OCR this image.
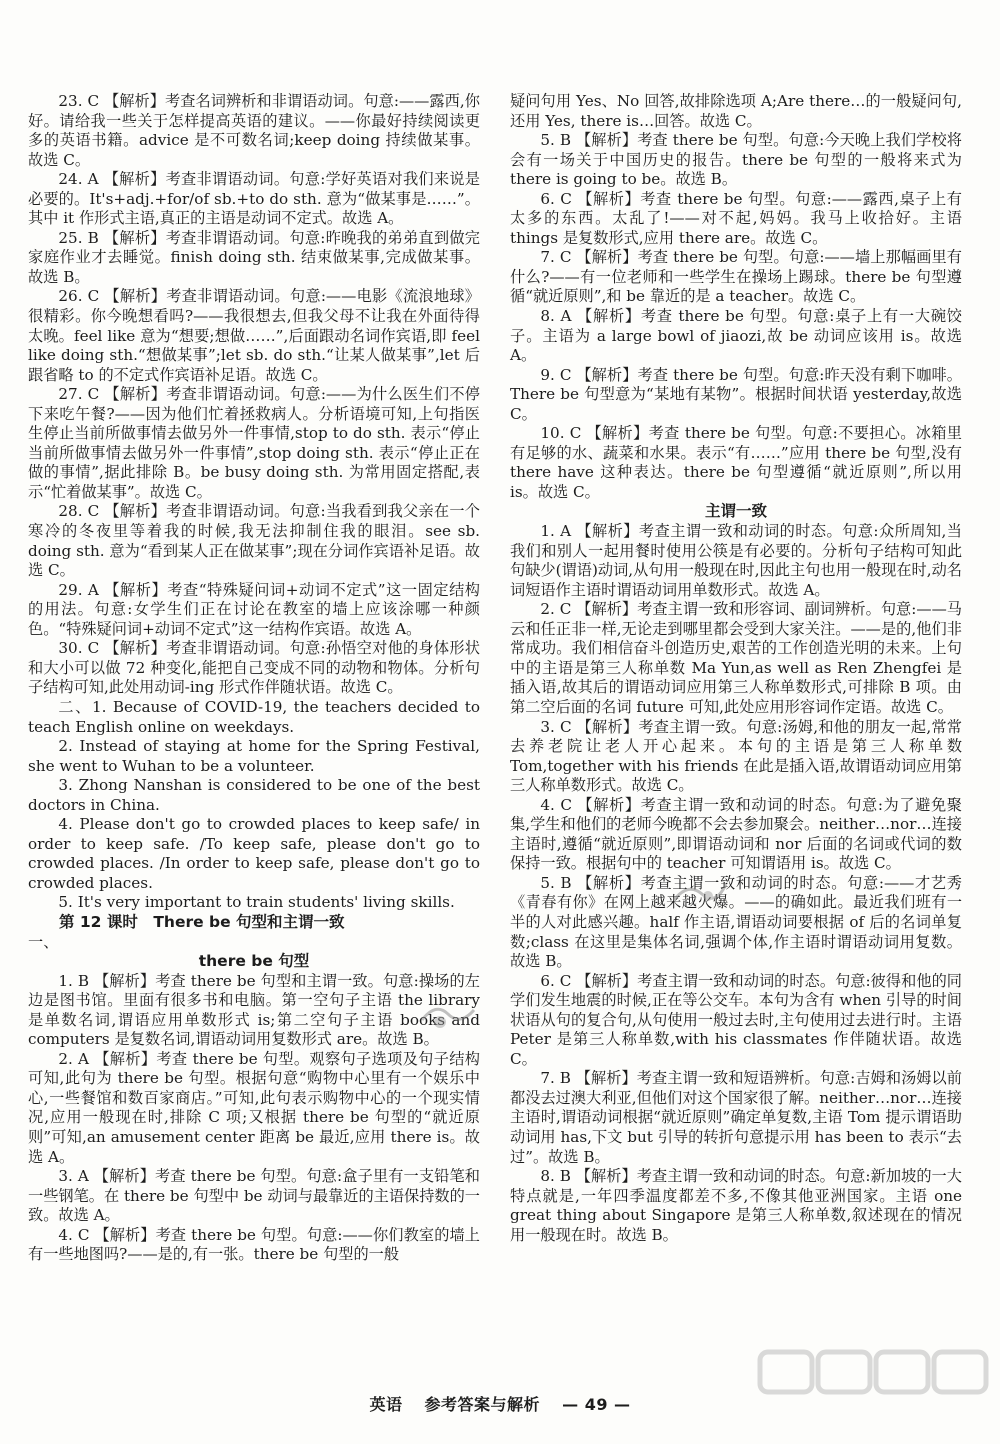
23. C 【解析】考查名词辨析和非谓语动词。句意:——露西,你好。请给我一些关于怎样提高英语的建议。——你最好持续阅读更多的英语书籍。advice 是不可数名词;keep doing 持续做某事。故选 C。

24. A 【解析】考查非谓语动词。句意:学好英语对我们来说是必要的。It's+adj.+for/of sb.+to do sth. 意为“做某事是……”。其中 it 作形式主语,真正的主语是动词不定式。故选 A。

25. B 【解析】考查非谓语动词。句意:昨晚我的弟弟直到做完家庭作业才去睡觉。finish doing sth. 结束做某事,完成做某事。故选 B。

26. C 【解析】考查非谓语动词。句意:——电影《流浪地球》很精彩。你今晚想看吗?——我很想去,但我父母不让我在外面待得太晚。feel like 意为“想要;想做……”,后面跟动名词作宾语,即 feel like doing sth.“想做某事”;let sb. do sth.“让某人做某事”,let 后跟省略 to 的不定式作宾语补足语。故选 C。

27. C 【解析】考查非谓语动词。句意:——为什么医生们不停下来吃午餐?——因为他们忙着拯救病人。分析语境可知,上句指医生停止当前所做事情去做另外一件事情,stop to do sth. 表示“停止当前所做事情去做另外一件事情”,stop doing sth. 表示“停止正在做的事情”,据此排除 B。be busy doing sth. 为常用固定搭配,表示“忙着做某事”。故选 C。

28. C 【解析】考查非谓语动词。句意:当我看到我父亲在一个寒冷的冬夜里等着我的时候,我无法抑制住我的眼泪。see sb. doing sth. 意为“看到某人正在做某事”;现在分词作宾语补足语。故选 C。

29. A 【解析】考查“特殊疑问词+动词不定式”这一固定结构的用法。句意:女学生们正在讨论在教室的墙上应该涂哪一种颜色。“特殊疑问词+动词不定式”这一结构作宾语。故选 A。

30. C 【解析】考查非谓语动词。句意:孙悟空对他的身体形状和大小可以做 72 种变化,能把自己变成不同的动物和物体。分析句子结构可知,此处用动词-ing 形式作伴随状语。故选 C。

二、1. Because of COVID-19, the teachers decided to teach English online on weekdays.

2. Instead of staying at home for the Spring Festival, she went to Wuhan to be a volunteer.

3. Zhong Nanshan is considered to be one of the best doctors in China.

4. Please don't go to crowded places to keep safe/ in order to keep safe. /To keep safe, please don't go to crowded places. /In order to keep safe, please don't go to crowded places.

5. It's very important to train students' living skills.

第 12 课时　There be 句型和主谓一致

一、

there be 句型

1. B 【解析】考查 there be 句型和主谓一致。句意:操场的左边是图书馆。里面有很多书和电脑。第一空句子主语 the library 是单数名词,谓语应用单数形式 is;第二空句子主语 books and computers 是复数名词,谓语动词用复数形式 are。故选 B。

2. A 【解析】考查 there be 句型。观察句子选项及句子结构可知,此句为 there be 句型。根据句意“购物中心里有一个娱乐中心,一些餐馆和数百家商店。”可知,此句表示购物中心的一个现实情况,应用一般现在时,排除 C 项;又根据 there be 句型的“就近原则”可知,an amusement center 距离 be 最近,应用 there is。故选 A。

3. A 【解析】考查 there be 句型。句意:盒子里有一支铅笔和一些钢笔。在 there be 句型中 be 动词与最靠近的主语保持数的一致。故选 A。

4. C 【解析】考查 there be 句型。句意:——你们教室的墙上有一些地图吗?——是的,有一张。there be 句型的一般

疑问句用 Yes、No 回答,故排除选项 A;Are there…的一般疑问句,还用 Yes, there is…回答。故选 C。

5. B 【解析】考查 there be 句型。句意:今天晚上我们学校将会有一场关于中国历史的报告。there be 句型的一般将来式为 there is going to be。故选 B。

6. C 【解析】考查 there be 句型。句意:——露西,桌子上有太多的东西。太乱了!——对不起,妈妈。我马上收拾好。主语 things 是复数形式,应用 there are。故选 C。

7. C 【解析】考查 there be 句型。句意:——墙上那幅画里有什么?——有一位老师和一些学生在操场上踢球。there be 句型遵循“就近原则”,和 be 靠近的是 a teacher。故选 C。

8. A 【解析】考查 there be 句型。句意:桌子上有一大碗饺子。主语为 a large bowl of jiaozi,故 be 动词应该用 is。故选 A。

9. C 【解析】考查 there be 句型。句意:昨天没有剩下咖啡。There be 句型意为“某地有某物”。根据时间状语 yesterday,故选 C。

10. C 【解析】考查 there be 句型。句意:不要担心。冰箱里有足够的水、蔬菜和水果。表示“有……”应用 there be 句型,没有 there have 这种表达。there be 句型遵循“就近原则”,所以用 is。故选 C。

主谓一致

1. A 【解析】考查主谓一致和动词的时态。句意:众所周知,当我们和别人一起用餐时使用公筷是有必要的。分析句子结构可知此句缺少(谓语)动词,从句用一般现在时,因此主句也用一般现在时,动名词短语作主语时谓语动词用单数形式。故选 A。

2. C 【解析】考查主谓一致和形容词、副词辨析。句意:——马云和任正非一样,无论走到哪里都会受到大家关注。——是的,他们非常成功。我们相信奋斗创造历史,艰苦的工作创造光明的未来。上句中的主语是第三人称单数 Ma Yun,as well as Ren Zhengfei 是插入语,故其后的谓语动词应用第三人称单数形式,可排除 B 项。由第二空后面的名词 future 可知,此处应用形容词作定语。故选 C。

3. C 【解析】考查主谓一致。句意:汤姆,和他的朋友一起,常常去养老院让老人开心起来。本句的主语是第三人称单数 Tom,together with his friends 在此是插入语,故谓语动词应用第三人称单数形式。故选 C。

4. C 【解析】考查主谓一致和动词的时态。句意:为了避免聚集,学生和他们的老师今晚都不会去参加聚会。neither…nor…连接主语时,遵循“就近原则”,即谓语动词和 nor 后面的名词或代词的数保持一致。根据句中的 teacher 可知谓语用 is。故选 C。

5. B 【解析】考查主谓一致和动词的时态。句意:——才艺秀《青春有你》在网上越来越火爆。——的确如此。最近我们班有一半的人对此感兴趣。half 作主语,谓语动词要根据 of 后的名词单复数;class 在这里是集体名词,强调个体,作主语时谓语动词用复数。故选 B。

6. C 【解析】考查主谓一致和动词的时态。句意:彼得和他的同学们发生地震的时候,正在等公交车。本句为含有 when 引导的时间状语从句的复合句,从句使用一般过去时,主句使用过去进行时。主语 Peter 是第三人称单数,with his classmates 作伴随状语。故选 C。

7. B 【解析】考查主谓一致和短语辨析。句意:吉姆和汤姆以前都没去过澳大利亚,但他们对这个国家很了解。neither…nor…连接主语时,谓语动词根据“就近原则”确定单复数,主语 Tom 提示谓语助动词用 has,下文 but 引导的转折句意提示用 has been to 表示“去过”。故选 B。

8. B 【解析】考查主谓一致和动词的时态。句意:新加坡的一大特点就是,一年四季温度都差不多,不像其他亚洲国家。主语 one great thing about Singapore 是第三人称单数,叙述现在的情况用一般现在时。故选 B。

英语 参考答案与解析 — 49 —
